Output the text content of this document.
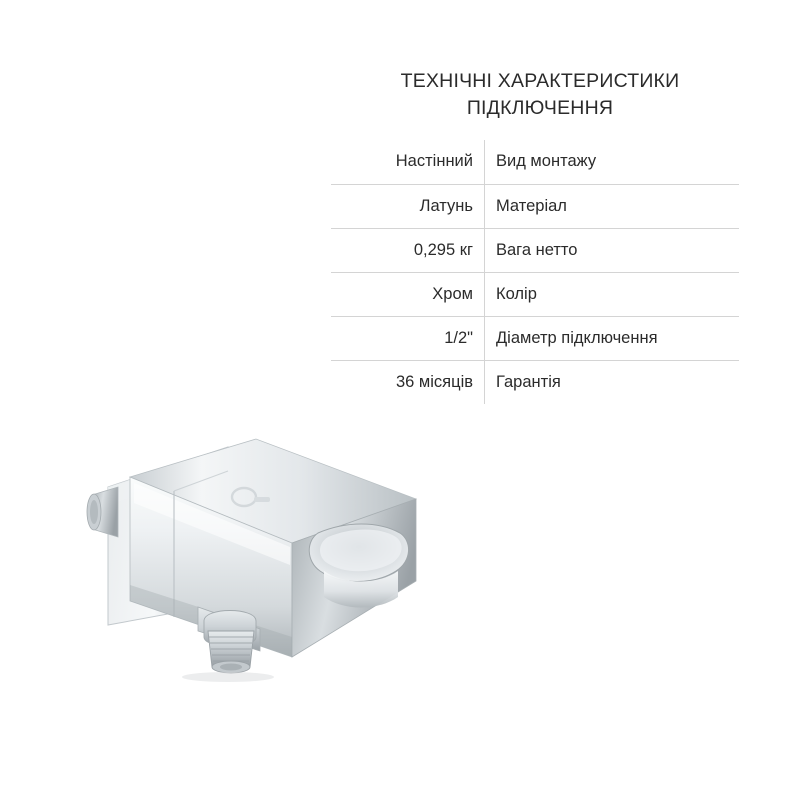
ТЕХНІЧНІ ХАРАКТЕРИСТИКИ
ПІДКЛЮЧЕННЯ
Настінний	Вид монтажу
Латунь	Матеріал
0,295 кг	Вага нетто
Хром	Колір
1/2"	Діаметр підключення
36 місяців	Гарантія
